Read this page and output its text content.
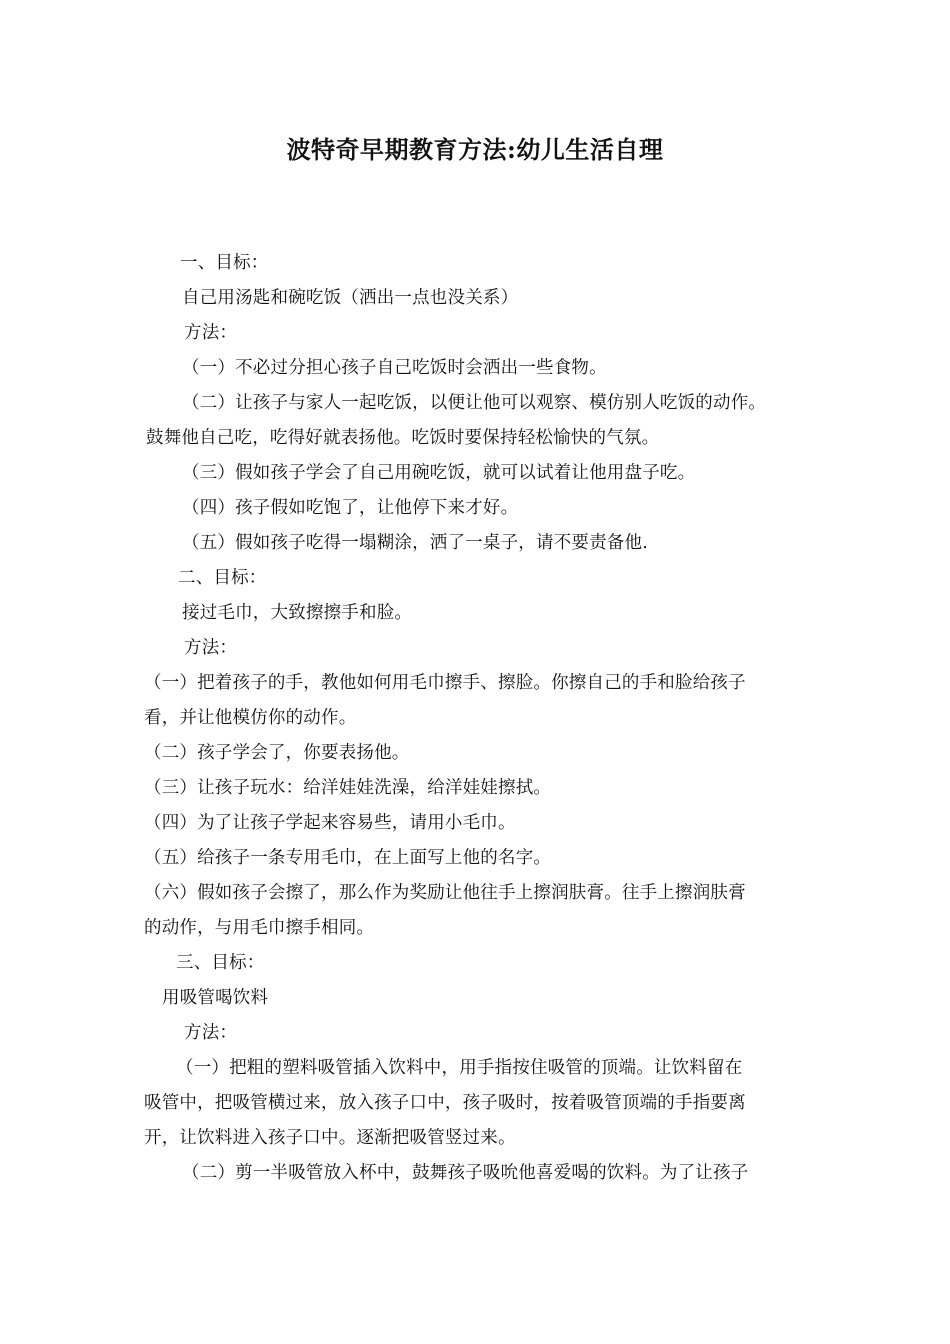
波特奇早期教育方法:幼儿生活自理
一、目标：
自己用汤匙和碗吃饭（洒出一点也没关系）
方法：
（一）不必过分担心孩子自己吃饭时会洒出一些食物。
（二）让孩子与家人一起吃饭，以便让他可以观察、模仿别人吃饭的动作。
鼓舞他自己吃，吃得好就表扬他。吃饭时要保持轻松愉快的气氛。
（三）假如孩子学会了自己用碗吃饭，就可以试着让他用盘子吃。
（四）孩子假如吃饱了，让他停下来才好。
（五）假如孩子吃得一塌糊涂，洒了一桌子，请不要责备他.
二、目标：
接过毛巾，大致擦擦手和脸。
方法：
（一）把着孩子的手，教他如何用毛巾擦手、擦脸。你擦自己的手和脸给孩子
看，并让他模仿你的动作。
（二）孩子学会了，你要表扬他。
（三）让孩子玩水：给洋娃娃洗澡，给洋娃娃擦拭。
（四）为了让孩子学起来容易些，请用小毛巾。
（五）给孩子一条专用毛巾，在上面写上他的名字。
（六）假如孩子会擦了，那么作为奖励让他往手上擦润肤膏。往手上擦润肤膏
的动作，与用毛巾擦手相同。
三、目标：
用吸管喝饮料
方法：
（一）把粗的塑料吸管插入饮料中，用手指按住吸管的顶端。让饮料留在
吸管中，把吸管横过来，放入孩子口中，孩子吸时，按着吸管顶端的手指要离
开，让饮料进入孩子口中。逐渐把吸管竖过来。
（二）剪一半吸管放入杯中，鼓舞孩子吸吮他喜爱喝的饮料。为了让孩子
